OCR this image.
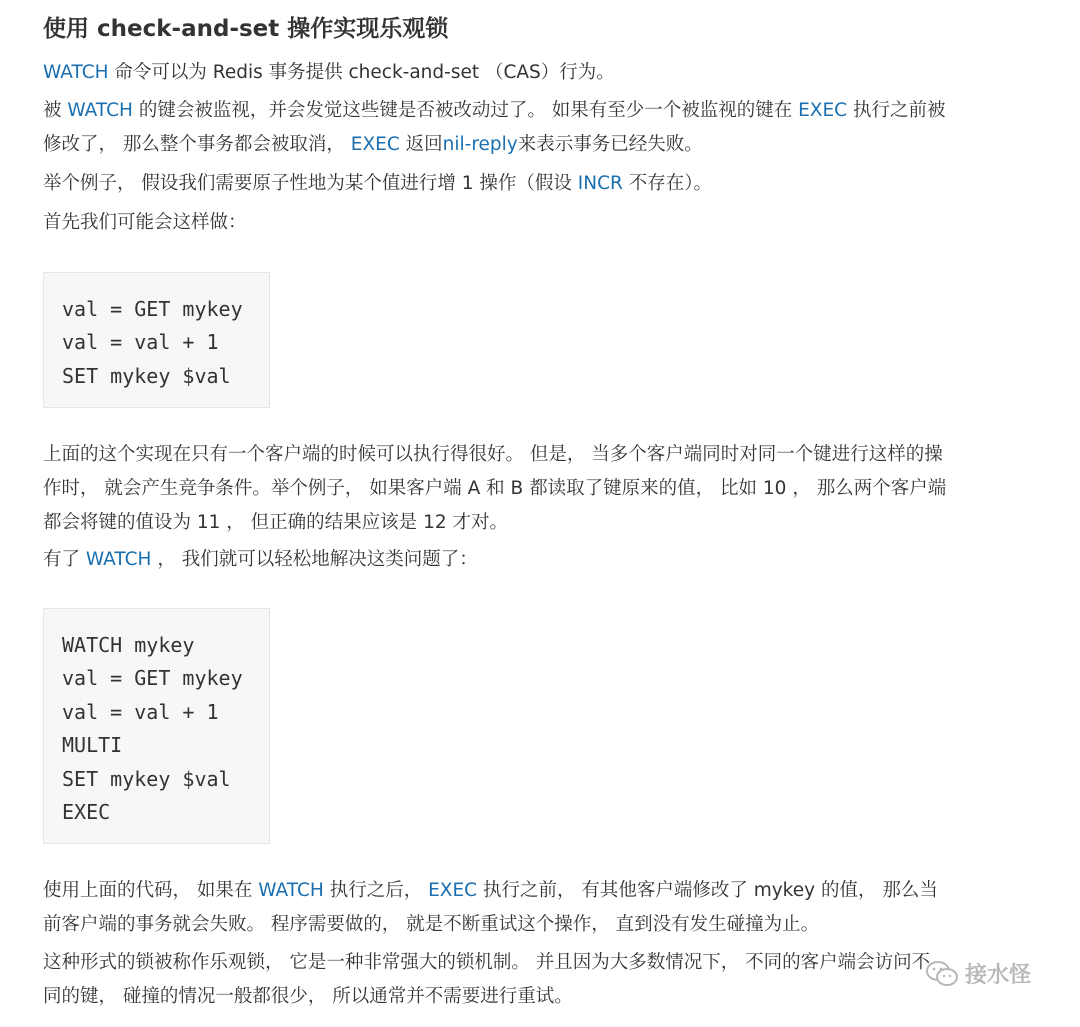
使用 check-and-set 操作实现乐观锁

WATCH 命令可以为 Redis 事务提供 check-and-set （CAS）行为。

被 WATCH 的键会被监视，并会发觉这些键是否被改动过了。 如果有至少一个被监视的键在 EXEC 执行之前被

修改了， 那么整个事务都会被取消， EXEC 返回nil-reply来表示事务已经失败。

举个例子， 假设我们需要原子性地为某个值进行增 1 操作（假设 INCR 不存在）。

首先我们可能会这样做：

val = GET mykey
val = val + 1
SET mykey $val

上面的这个实现在只有一个客户端的时候可以执行得很好。 但是， 当多个客户端同时对同一个键进行这样的操

作时， 就会产生竞争条件。举个例子， 如果客户端 A 和 B 都读取了键原来的值， 比如 10 ， 那么两个客户端

都会将键的值设为 11 ， 但正确的结果应该是 12 才对。

有了 WATCH ， 我们就可以轻松地解决这类问题了：

WATCH mykey
val = GET mykey
val = val + 1
MULTI
SET mykey $val
EXEC

使用上面的代码， 如果在 WATCH 执行之后， EXEC 执行之前， 有其他客户端修改了 mykey 的值， 那么当

前客户端的事务就会失败。 程序需要做的， 就是不断重试这个操作， 直到没有发生碰撞为止。

这种形式的锁被称作乐观锁， 它是一种非常强大的锁机制。 并且因为大多数情况下， 不同的客户端会访问不

同的键， 碰撞的情况一般都很少， 所以通常并不需要进行重试。

接水怪
